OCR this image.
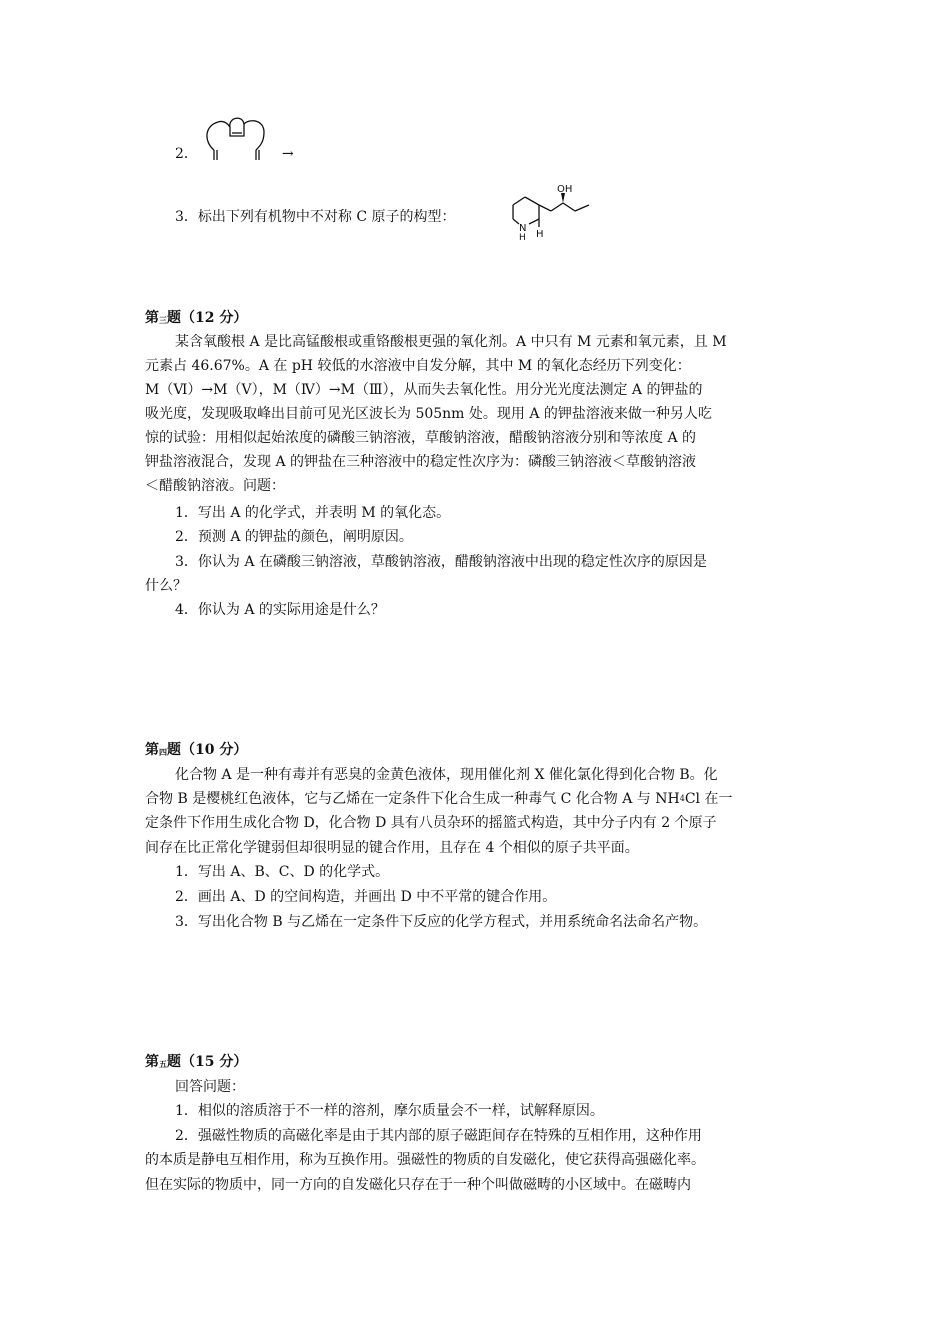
2．	→
3．标出下列有机物中不对称 C 原子的构型：
N
H H
OH
第$^三$题（12 分）
某含氧酸根 A 是比高锰酸根或重铬酸根更强的氧化剂。A 中只有 M 元素和氧元素，且 M
元素占 46.67%。A 在 pH 较低的水溶液中自发分解，其中 M 的氧化态经历下列变化：
M（Ⅵ）→M（Ⅴ），M（Ⅳ）→M（Ⅲ），从而失去氧化性。用分光光度法测定 A 的钾盐的
吸光度，发现吸取峰出目前可见光区波长为 505nm 处。现用 A 的钾盐溶液来做一种另人吃
惊的试验：用相似起始浓度的磷酸三钠溶液，草酸钠溶液，醋酸钠溶液分别和等浓度 A 的
钾盐溶液混合，发现 A 的钾盐在三种溶液中的稳定性次序为：磷酸三钠溶液＜草酸钠溶液
＜醋酸钠溶液。问题：
1．写出 A 的化学式，并表明 M 的氧化态。
2．预测 A 的钾盐的颜色，阐明原因。
3．你认为 A 在磷酸三钠溶液，草酸钠溶液，醋酸钠溶液中出现的稳定性次序的原因是
什么？
4．你认为 A 的实际用途是什么？
第$^四$题（10 分）
化合物 A 是一种有毒并有恶臭的金黄色液体，现用催化剂 X 催化氯化得到化合物 B。化
合物 B 是樱桃红色液体，它与乙烯在一定条件下化合生成一种毒气 C 化合物 A 与 NH4Cl 在一
定条件下作用生成化合物 D，化合物 D 具有八员杂环的摇篮式构造，其中分子内有 2 个原子
间存在比正常化学键弱但却很明显的键合作用，且存在 4 个相似的原子共平面。
1．写出 A、B、C、D 的化学式。
2．画出 A、D 的空间构造，并画出 D 中不平常的键合作用。
3．写出化合物 B 与乙烯在一定条件下反应的化学方程式，并用系统命名法命名产物。
第$^五$题（15 分）
回答问题：
1．相似的溶质溶于不一样的溶剂，摩尔质量会不一样，试解释原因。
2．强磁性物质的高磁化率是由于其内部的原子磁距间存在特殊的互相作用，这种作用
的本质是静电互相作用，称为互换作用。强磁性的物质的自发磁化，使它获得高强磁化率。
但在实际的物质中，同一方向的自发磁化只存在于一种个叫做磁畴的小区域中。在磁畴内
